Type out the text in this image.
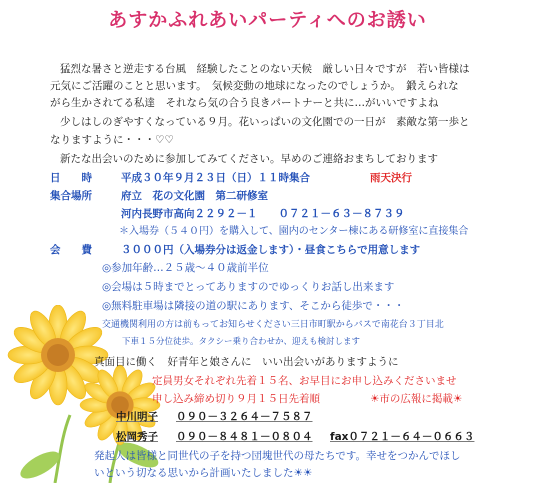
あすかふれあいパーティへのお誘い
猛烈な暑さと逆走する台風　経験したことのない天候　厳しい日々ですが　若い皆様は
元気にご活躍のことと思います。　気候変動の地球になったのでしょうか。　鍛えられな
がら生かされてる私達　それなら気の合う良きパートナーと共に…がいいですよね
少しはしのぎやすくなっている９月。花いっぱいの文化園での一日が　素敵な第一歩と
なりますように・・・♡♡
新たな出会いのために参加してみてください。早めのご連絡おまちしております
日　　時	平成３０年９月２３日（日）１１時集合	雨天決行
集合場所	府立　花の文化園　第二研修室
河内長野市高向２２９２－１　　０７２１－６３－８７３９
＊入場券（５４０円）を購入して、園内のセンター棟にある研修室に直接集合
会　　費	３０００円（入場券分は返金します）・昼食こちらで用意します
◎参加年齢…２５歳～４０歳前半位
◎会場は５時までとってありますのでゆっくりお話し出来ます
◎無料駐車場は隣接の道の駅にあります、そこから徒歩で・・・
交通機関利用の方は前もってお知らせください三日市町駅からバスで南花台３丁目北
下車１５分位徒歩。タクシー乗り合わせか、迎えも検討します
真面目に働く　好青年と娘さんに　いい出会いがありますように
定員男女それぞれ先着１５名、お早目にお申し込みくださいませ
申し込み締め切り９月１５日先着順	☀市の広報に掲載☀
中川明子 ０９０－３２６４－７５８７
松岡秀子 ０９０－８４８１－０８０４ fax０７２１－６４－０６６３
発起人は皆様と同世代の子を持つ団塊世代の母たちです。幸せをつかんでほし
いという切なる思いから計画いたしました☀☀
